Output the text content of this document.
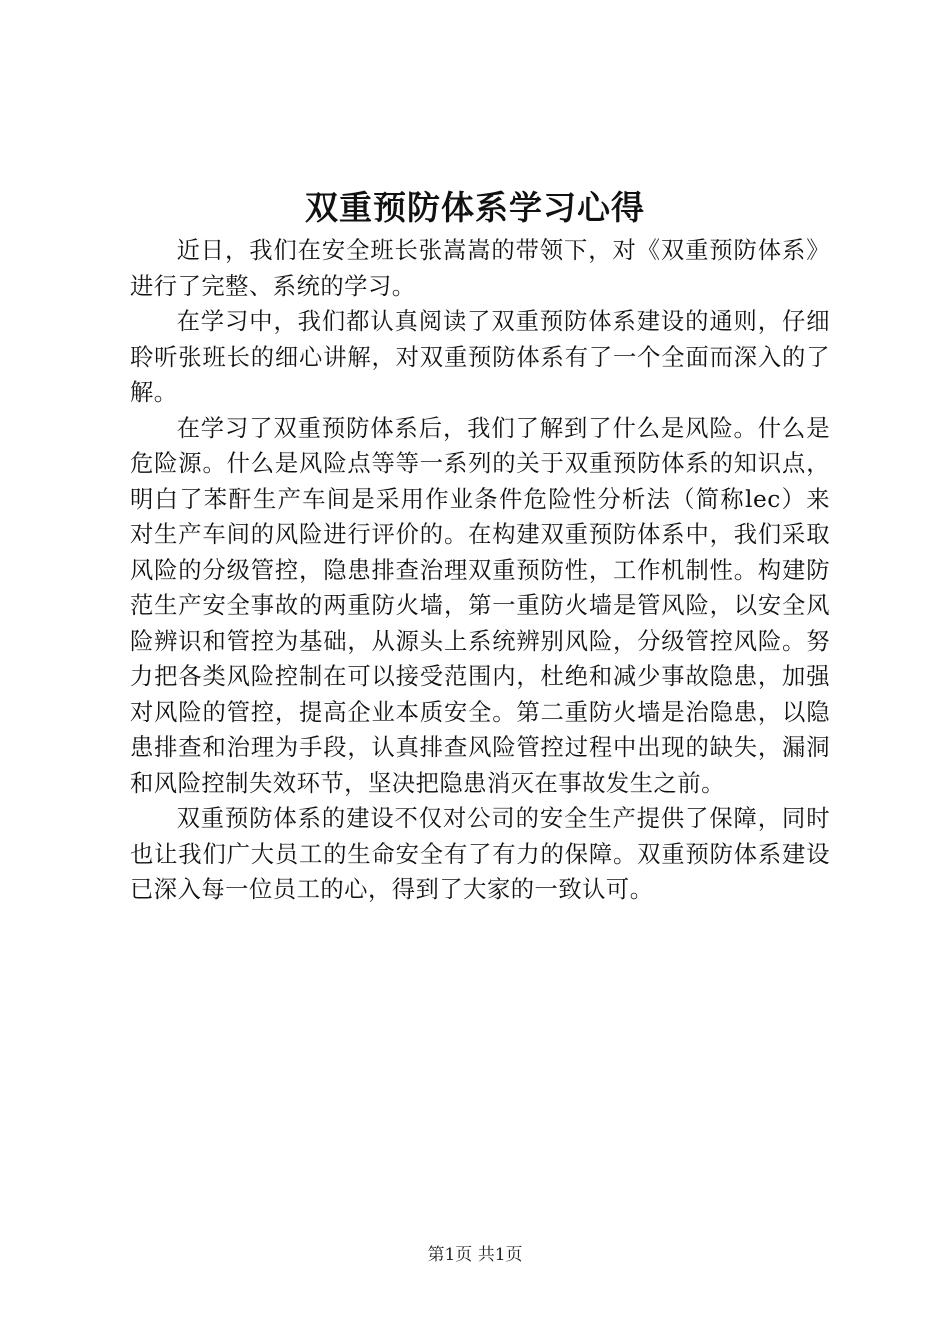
双重预防体系学习心得

近日，我们在安全班长张嵩嵩的带领下，对《双重预防体系》进行了完整、系统的学习。

在学习中，我们都认真阅读了双重预防体系建设的通则，仔细聆听张班长的细心讲解，对双重预防体系有了一个全面而深入的了解。

在学习了双重预防体系后，我们了解到了什么是风险。什么是危险源。什么是风险点等等一系列的关于双重预防体系的知识点，明白了苯酐生产车间是采用作业条件危险性分析法（简称lec）来对生产车间的风险进行评价的。在构建双重预防体系中，我们采取风险的分级管控，隐患排查治理双重预防性，工作机制性。构建防范生产安全事故的两重防火墙，第一重防火墙是管风险，以安全风险辨识和管控为基础，从源头上系统辨别风险，分级管控风险。努力把各类风险控制在可以接受范围内，杜绝和减少事故隐患，加强对风险的管控，提高企业本质安全。第二重防火墙是治隐患，以隐患排查和治理为手段，认真排查风险管控过程中出现的缺失，漏洞和风险控制失效环节，坚决把隐患消灭在事故发生之前。

双重预防体系的建设不仅对公司的安全生产提供了保障，同时也让我们广大员工的生命安全有了有力的保障。双重预防体系建设已深入每一位员工的心，得到了大家的一致认可。

第1页 共1页
